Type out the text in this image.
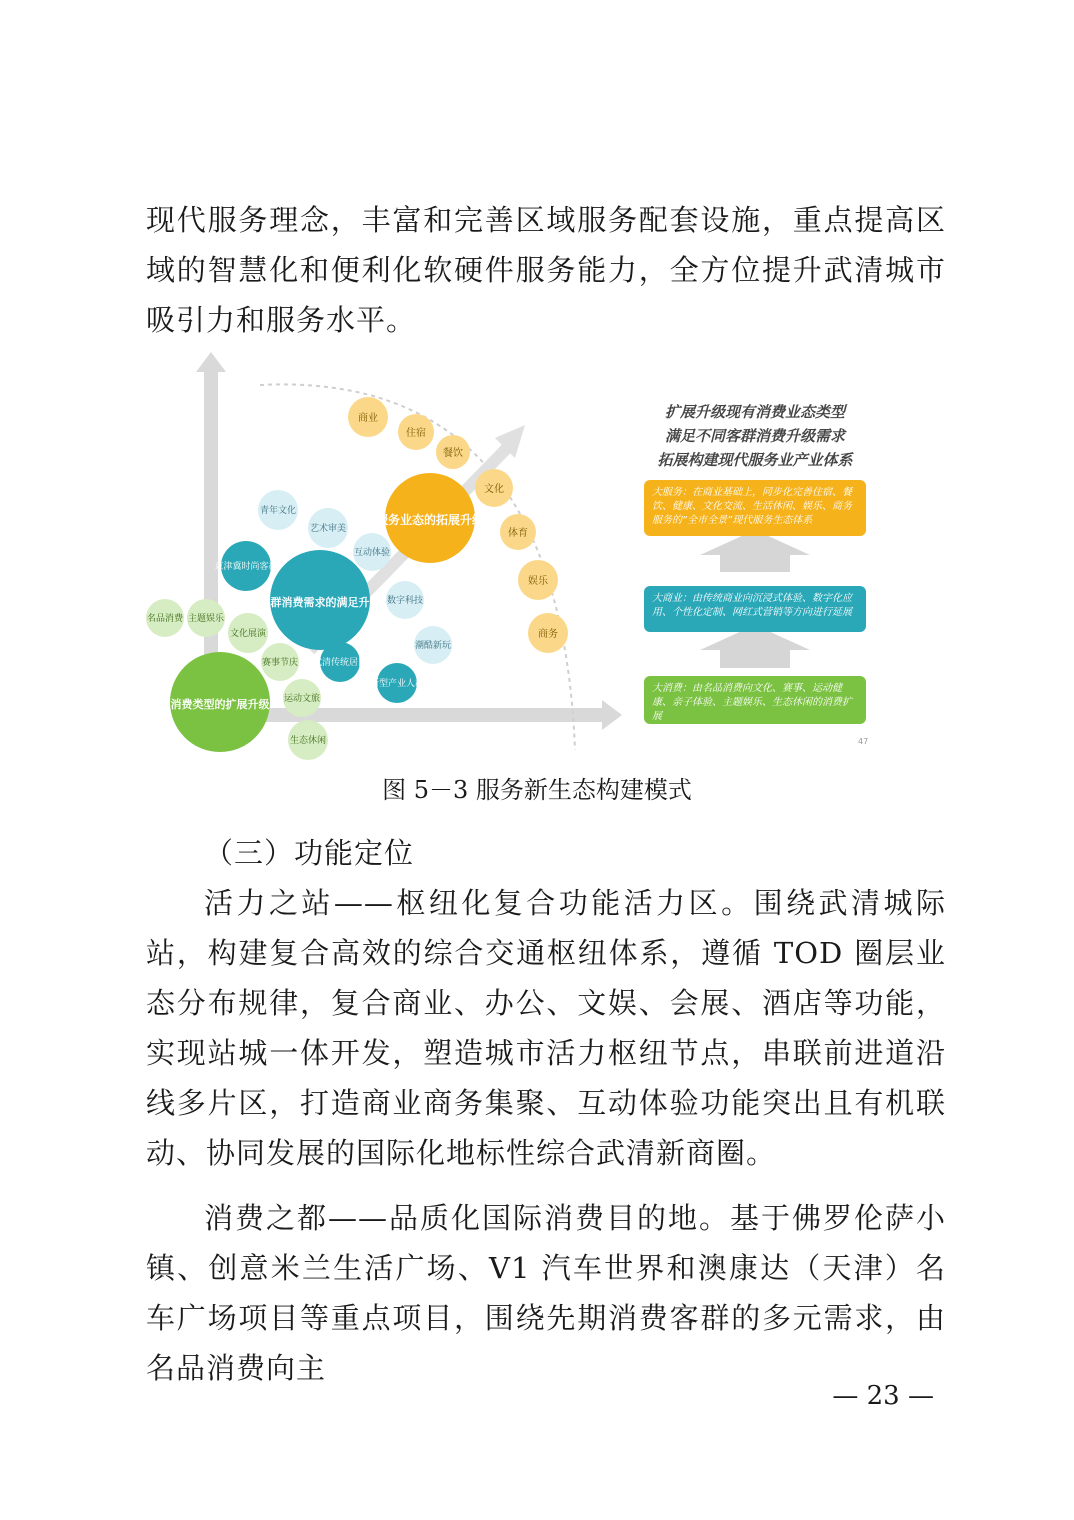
现代服务理念，丰富和完善区域服务配套设施，重点提高区域的智慧化和便利化软硬件服务能力，全方位提升武清城市吸引力和服务水平。

商业
住宿
餐饮
文化
体育
娱乐
商务
青年文化
艺术审美
互动体验
数字科技
潮酷新玩
京津冀时尚客群
武清传统居民
新型产业人群
名品消费 主题娱乐
文化展演
赛事节庆
运动文旅
生态休闲
服务业态的拓展升级
客群消费需求的满足升级
消费类型的扩展升级
47
扩展升级现有消费业态类型
满足不同客群消费升级需求
拓展构建现代服务业产业体系
大服务：在商业基础上，同步化完善住宿、餐饮、健康、文化交流、生活休闲、娱乐、商务服务的“全市全景”现代服务生态体系
大商业：由传统商业向沉浸式体验、数字化应用、个性化定制、网红式营销等方向进行延展
大消费：由名品消费向文化、赛事、运动健康、亲子体验、主题娱乐、生态休闲的消费扩展
图 5－3 服务新生态构建模式
（三）功能定位

活力之站——枢纽化复合功能活力区。围绕武清城际站，构建复合高效的综合交通枢纽体系，遵循 TOD 圈层业态分布规律，复合商业、办公、文娱、会展、酒店等功能，实现站城一体开发，塑造城市活力枢纽节点，串联前进道沿线多片区，打造商业商务集聚、互动体验功能突出且有机联动、协同发展的国际化地标性综合武清新商圈。

消费之都——品质化国际消费目的地。基于佛罗伦萨小镇、创意米兰生活广场、V1 汽车世界和澳康达（天津）名车广场项目等重点项目，围绕先期消费客群的多元需求，由名品消费向主

— 23 —
